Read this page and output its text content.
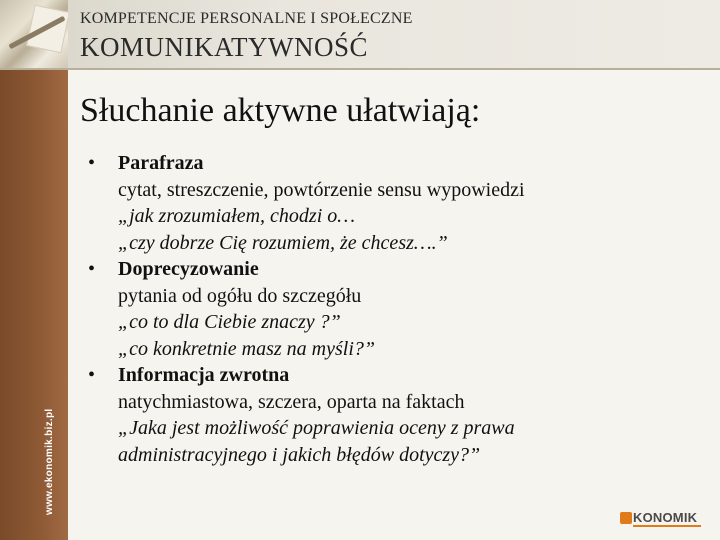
www.ekonomik.biz.pl
KOMPETENCJE PERSONALNE I SPOŁECZNE
KOMUNIKATYWNOŚĆ
Słuchanie aktywne ułatwiają:
• Parafraza
cytat, streszczenie, powtórzenie sensu wypowiedzi
„jak zrozumiałem, chodzi o…
„czy dobrze Cię rozumiem, że chcesz….”
• Doprecyzowanie
pytania od ogółu do szczegółu
„co to dla Ciebie znaczy ?”
„co konkretnie masz na myśli?”
• Informacja zwrotna
natychmiastowa, szczera, oparta na faktach
„Jaka jest możliwość poprawienia oceny z prawa
administracyjnego i jakich błędów dotyczy?”
KONOMIK
